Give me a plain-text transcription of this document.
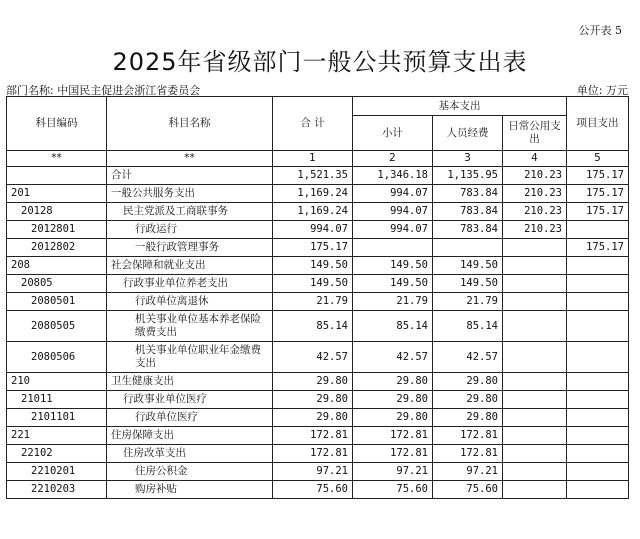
公开表 5
2025年省级部门一般公共预算支出表
部门名称: 中国民主促进会浙江省委员会	单位: 万元
科目编码	科目名称	合 计	基本支出			项目支出
			小计	人员经费	日常公用支出	
**	**	1	2	3	4	5
	合计	1,521.35	1,346.18	1,135.95	210.23	175.17
201	一般公共服务支出	1,169.24	994.07	783.84	210.23	175.17
20128	民主党派及工商联事务	1,169.24	994.07	783.84	210.23	175.17
2012801	行政运行	994.07	994.07	783.84	210.23	
2012802	一般行政管理事务	175.17				175.17
208	社会保障和就业支出	149.50	149.50	149.50		
20805	行政事业单位养老支出	149.50	149.50	149.50		
2080501	行政单位离退休	21.79	21.79	21.79		
2080505	机关事业单位基本养老保险缴费支出	85.14	85.14	85.14		
2080506	机关事业单位职业年金缴费支出	42.57	42.57	42.57		
210	卫生健康支出	29.80	29.80	29.80		
21011	行政事业单位医疗	29.80	29.80	29.80		
2101101	行政单位医疗	29.80	29.80	29.80		
221	住房保障支出	172.81	172.81	172.81		
22102	住房改革支出	172.81	172.81	172.81		
2210201	住房公积金	97.21	97.21	97.21		
2210203	购房补贴	75.60	75.60	75.60		
